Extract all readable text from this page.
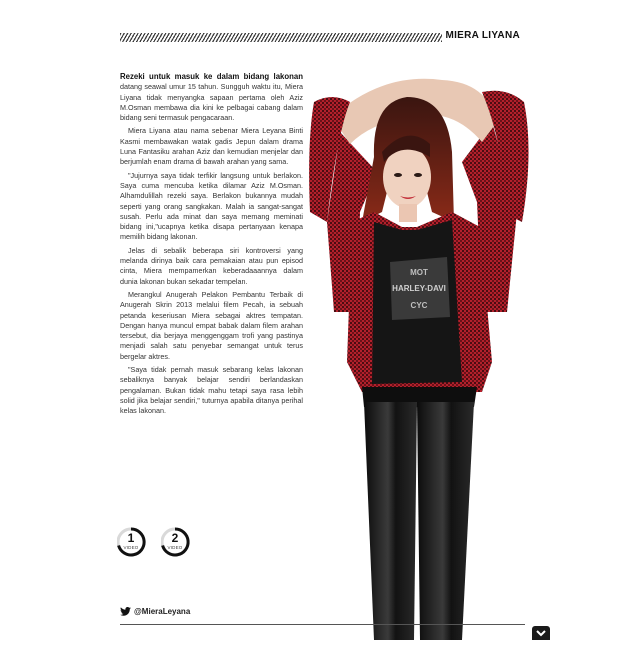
MIERA LIYANA
MOT
HARLEY-DAVI
CYC

Rezeki untuk masuk ke dalam bidang lakonan datang seawal umur 15 tahun. Sungguh waktu itu, Miera Liyana tidak menyangka sapaan pertama oleh Aziz M.Osman membawa dia kini ke pelbagai cabang dalam bidang seni termasuk pengacaraan.

Miera Liyana atau nama sebenar Miera Leyana Binti Kasmi membawakan watak gadis Jepun dalam drama Luna Fantasiku arahan Aziz dan kemudian menjelar dan berjumlah enam drama di bawah arahan yang sama.

"Jujurnya saya tidak terfikir langsung untuk berlakon. Saya cuma mencuba ketika dilamar Aziz M.Osman. Alhamdulillah rezeki saya. Berlakon bukannya mudah seperti yang orang sangkakan. Malah ia sangat-sangat susah. Perlu ada minat dan saya memang meminati bidang ini,"ucapnya ketika disapa pertanyaan kenapa memilih bidang lakonan.

Jelas di sebalik beberapa siri kontroversi yang melanda dirinya baik cara pemakaian atau pun episod cinta, Miera mempamerkan keberadaaannya dalam dunia lakonan bukan sekadar tempelan.

Merangkul Anugerah Pelakon Pembantu Terbaik di Anugerah Skrin 2013 melalui filem Pecah, ia sebuah petanda keseriusan Miera sebagai aktres tempatan. Dengan hanya muncul empat babak dalam filem arahan tersebut, dia berjaya menggenggam trofi yang pastinya menjadi salah satu penyebar semangat untuk terus bergelar aktres.

"Saya tidak pernah masuk sebarang kelas lakonan sebaliknya banyak belajar sendiri berlandaskan pengalaman. Bukan tidak mahu tetapi saya rasa lebih solid jika belajar sendiri," tuturnya apabila ditanya perihal kelas lakonan.

1
VIDEO
2
VIDEO
@MieraLeyana
